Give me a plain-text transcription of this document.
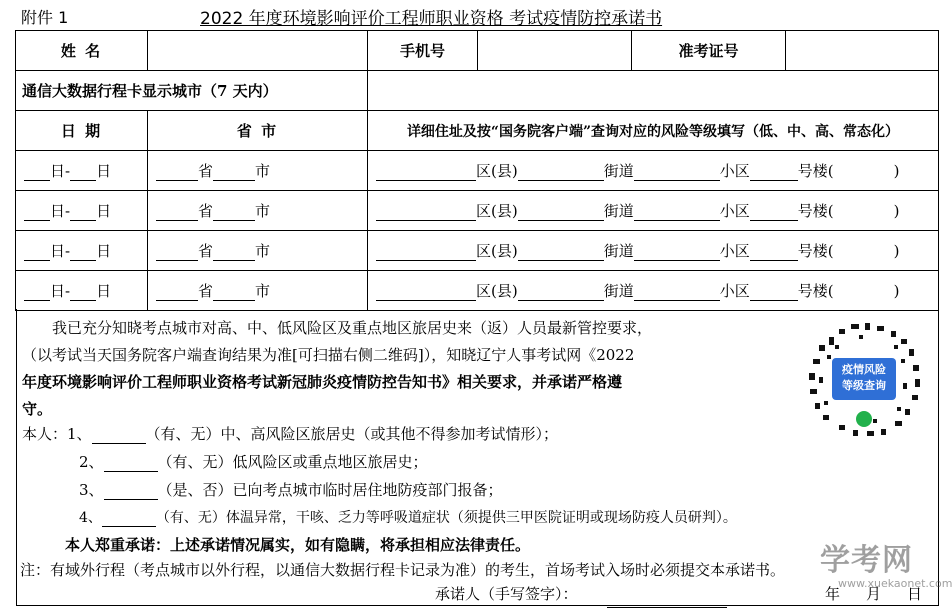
附件 1	2022 年度环境影响评价工程师职业资格 考试疫情防控承诺书
姓 名		手机号		准考证号	
通信大数据行程卡显示城市（7 天内）					
日 期	省 市	详细住址及按“国务院客户端”查询对应的风险等级填写（低、中、高、常态化）			
日- 日	省 市	区(县) 街道 小区 号楼( )			
日- 日	省 市	区(县) 街道 小区 号楼( )			
日- 日	省 市	区(县) 街道 小区 号楼( )			
日- 日	省 市	区(县) 街道 小区 号楼( )			
我已充分知晓考点城市对高、中、低风险区及重点地区旅居史来（返）人员最新管控要求，
（以考试当天国务院客户端查询结果为准[可扫描右侧二维码]），知晓辽宁人事考试网《2022
年度环境影响评价工程师职业资格考试新冠肺炎疫情防控告知书》相关要求，并承诺严格遵
守。
本人：1、	（有、无）中、高风险区旅居史（或其他不得参加考试情形）；
2、	（有、无）低风险区或重点地区旅居史；
3、	（是、否）已向考点城市临时居住地防疫部门报备；
4、	（有、无）体温异常，干咳、乏力等呼吸道症状（须提供三甲医院证明或现场防疫人员研判）。
本人郑重承诺：上述承诺情况属实，如有隐瞒，将承担相应法律责任。
注：有域外行程（考点城市以外行程，以通信大数据行程卡记录为准）的考生，首场考试入场时必须提交本承诺书。
承诺人（手写签字）：	年 月 日
疫情风险
等级查询
学考网
www.xuekaonet.com
